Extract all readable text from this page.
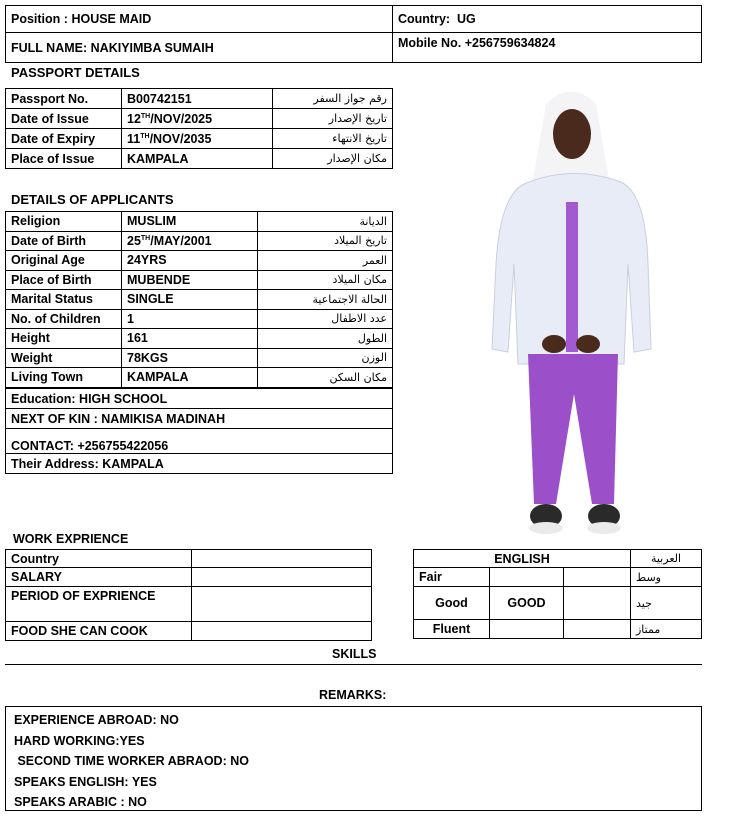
Position : HOUSE MAID	Country: UG
FULL NAME: NAKIYIMBA SUMAIH	Mobile No. +256759634824
PASSPORT DETAILS
Passport No.	B00742151	رقم جواز السفر
Date of Issue	12TH/NOV/2025	تاريخ الإصدار
Date of Expiry	11TH/NOV/2035	تاريخ الانتهاء
Place of Issue	KAMPALA	مكان الإصدار
DETAILS OF APPLICANTS
Religion	MUSLIM	الديانة
Date of Birth	25TH/MAY/2001	تاريخ الميلاد
Original Age	24YRS	العمر
Place of Birth	MUBENDE	مكان الميلاد
Marital Status	SINGLE	الحالة الاجتماعية
No. of Children	1	عدد الاطفال
Height	161	الطول
Weight	78KGS	الوزن
Living Town	KAMPALA	مكان السكن
Education: HIGH SCHOOL
NEXT OF KIN : NAMIKISA MADINAH
CONTACT: +256755422056
Their Address: KAMPALA
WORK EXPRIENCE
Country	
SALARY	
PERIOD OF EXPRIENCE	
FOOD SHE CAN COOK	
ENGLISH			العربية
Fair			وسط
Good	GOOD		جيد
Fluent			ممتاز
SKILLS
REMARKS:
EXPERIENCE ABROAD: NO
HARD WORKING:YES
SECOND TIME WORKER ABRAOD: NO
SPEAKS ENGLISH: YES
SPEAKS ARABIC : NO
